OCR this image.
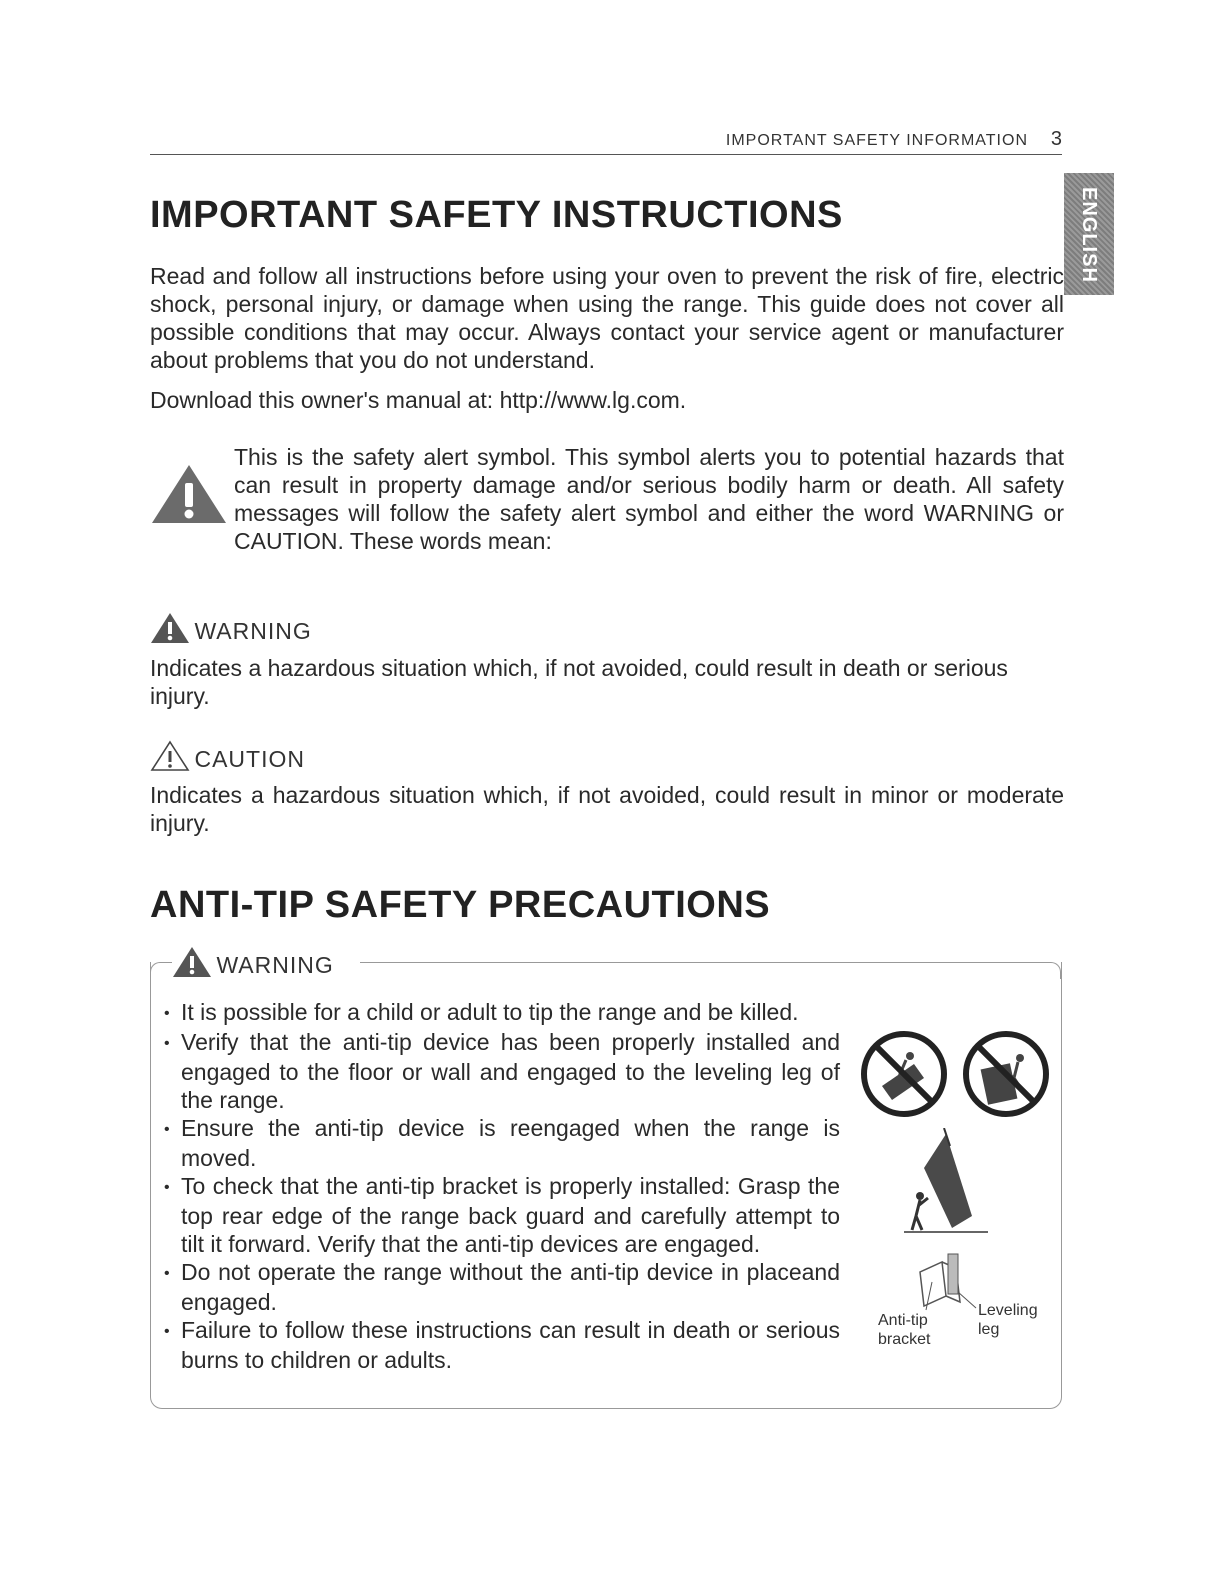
IMPORTANT SAFETY INFORMATION 3
ENGLISH
IMPORTANT SAFETY INSTRUCTIONS

Read and follow all instructions before using your oven to prevent the risk of fire, electric shock, personal injury, or damage when using the range. This guide does not cover all possible conditions that may occur. Always contact your service agent or manufacturer about problems that you do not understand.

Download this owner's manual at: http://www.lg.com.

This is the safety alert symbol. This symbol alerts you to potential hazards that can result in property damage and/or serious bodily harm or death. All safety messages will follow the safety alert symbol and either the word WARNING or CAUTION. These words mean:

WARNING

Indicates a hazardous situation which, if not avoided, could result in death or serious injury.

CAUTION

Indicates a hazardous situation which, if not avoided, could result in minor or moderate injury.

ANTI-TIP SAFETY PRECAUTIONS
WARNING
• It is possible for a child or adult to tip the range and be killed.
• Verify that the anti-tip device has been properly installed and engaged to the floor or wall and engaged to the leveling leg of the range.
• Ensure the anti-tip device is reengaged when the range is moved.
• To check that the anti-tip bracket is properly installed: Grasp the top rear edge of the range back guard and carefully attempt to tilt it forward. Verify that the anti-tip devices are engaged.
• Do not operate the range without the anti-tip device in placeand engaged.
• Failure to follow these instructions can result in death or serious burns to children or adults.
Anti-tip bracket
Leveling leg
